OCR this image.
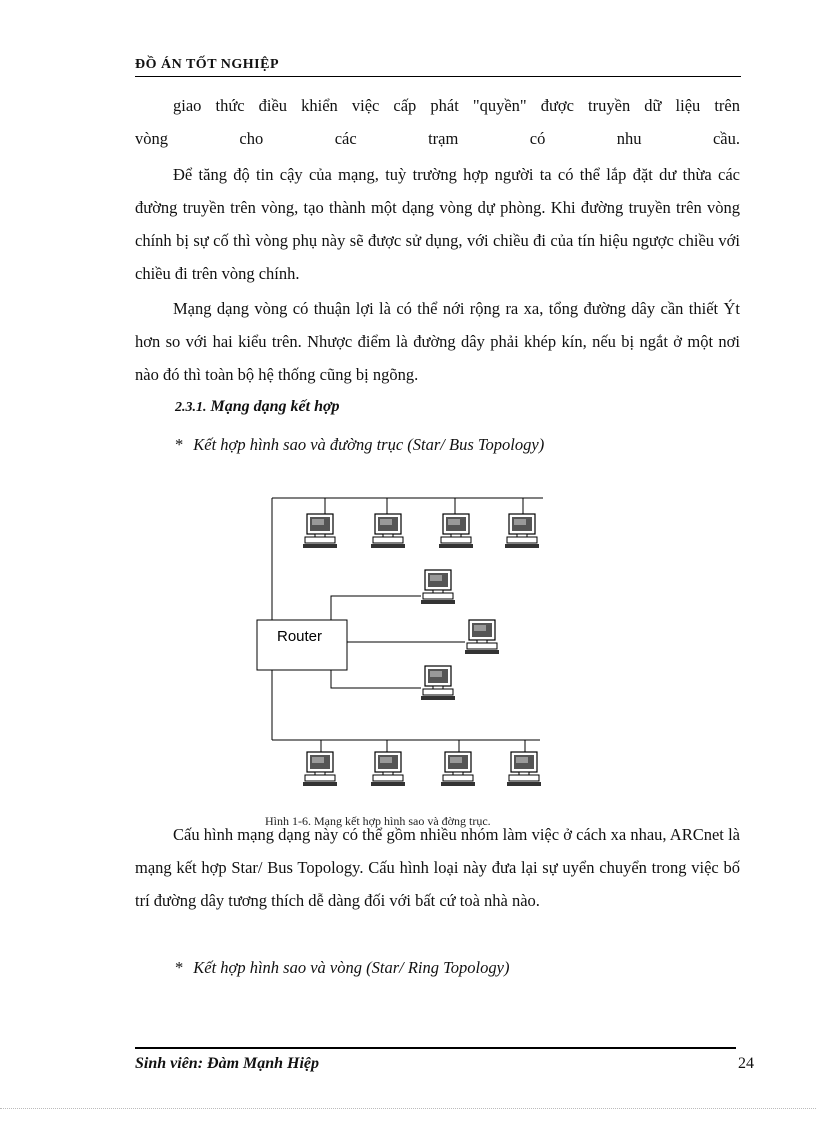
ĐỒ ÁN TỐT NGHIỆP

giao thức điều khiển việc cấp phát "quyền" được truyền dữ liệu trên

vòng cho các trạm có nhu cầu.

Để tăng độ tin cậy của mạng, tuỳ trường hợp người ta có thể lắp đặt dư thừa các đường truyền trên vòng, tạo thành một dạng vòng dự phòng. Khi đường truyền trên vòng chính bị sự cố thì vòng phụ này sẽ được sử dụng, với chiều đi của tín hiệu ngược chiều với chiều đi trên vòng chính.

Mạng dạng vòng có thuận lợi là có thể nới rộng ra xa, tổng đường dây cần thiết Ýt hơn so với hai kiểu trên. Nhược điểm là đường dây phải khép kín, nếu bị ngắt ở một nơi nào đó thì toàn bộ hệ thống cũng bị ngõng.

2.3.1. Mạng dạng kết hợp
* Kết hợp hình sao và đường trục (Star/ Bus Topology)
Router
Hình 1-6. Mạng kết hợp hình sao và đờng trục.

Cấu hình mạng dạng này có thể gồm nhiều nhóm làm việc ở cách xa nhau, ARCnet là mạng kết hợp Star/ Bus Topology. Cấu hình loại này đưa lại sự uyển chuyển trong việc bố trí đường dây tương thích dễ dàng đối với bất cứ toà nhà nào.

* Kết hợp hình sao và vòng (Star/ Ring Topology)
Sinh viên: Đàm Mạnh Hiệp	24
